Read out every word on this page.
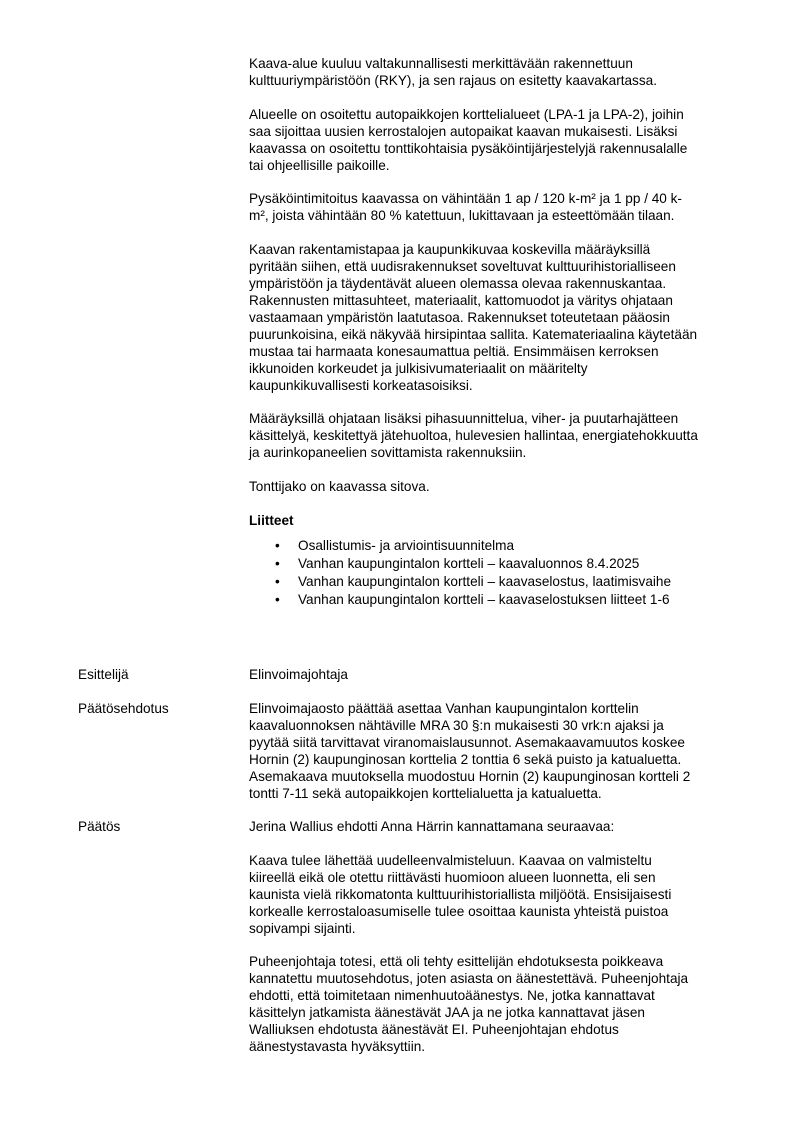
Kaava-alue kuuluu valtakunnallisesti merkittävään rakennettuun
kulttuuriympäristöön (RKY), ja sen rajaus on esitetty kaavakartassa.

Alueelle on osoitettu autopaikkojen korttelialueet (LPA-1 ja LPA-2), joihin
saa sijoittaa uusien kerrostalojen autopaikat kaavan mukaisesti. Lisäksi
kaavassa on osoitettu tonttikohtaisia pysäköintijärjestelyjä rakennusalalle
tai ohjeellisille paikoille.

Pysäköintimitoitus kaavassa on vähintään 1 ap / 120 k-m² ja 1 pp / 40 k-
m², joista vähintään 80 % katettuun, lukittavaan ja esteettömään tilaan.

Kaavan rakentamistapaa ja kaupunkikuvaa koskevilla määräyksillä
pyritään siihen, että uudisrakennukset soveltuvat kulttuurihistorialliseen
ympäristöön ja täydentävät alueen olemassa olevaa rakennuskantaa.
Rakennusten mittasuhteet, materiaalit, kattomuodot ja väritys ohjataan
vastaamaan ympäristön laatutasoa. Rakennukset toteutetaan pääosin
puurunkoisina, eikä näkyvää hirsipintaa sallita. Katemateriaalina käytetään
mustaa tai harmaata konesaumattua peltiä. Ensimmäisen kerroksen
ikkunoiden korkeudet ja julkisivumateriaalit on määritelty
kaupunkikuvallisesti korkeatasoisiksi.

Määräyksillä ohjataan lisäksi pihasuunnittelua, viher- ja puutarhajätteen
käsittelyä, keskitettyä jätehuoltoa, hulevesien hallintaa, energiatehokkuutta
ja aurinkopaneelien sovittamista rakennuksiin.

Tonttijako on kaavassa sitova.

Liitteet
• Osallistumis- ja arviointisuunnitelma
• Vanhan kaupungintalon kortteli – kaavaluonnos 8.4.2025
• Vanhan kaupungintalon kortteli – kaavaselostus, laatimisvaihe
• Vanhan kaupungintalon kortteli – kaavaselostuksen liitteet 1-6
Esittelijä	Elinvoimajohtaja
Päätösehdotus	Elinvoimajaosto päättää asettaa Vanhan kaupungintalon korttelin
kaavaluonnoksen nähtäville MRA 30 §:n mukaisesti 30 vrk:n ajaksi ja
pyytää siitä tarvittavat viranomaislausunnot. Asemakaavamuutos koskee
Hornin (2) kaupunginosan korttelia 2 tonttia 6 sekä puisto ja katualuetta.
Asemakaava muutoksella muodostuu Hornin (2) kaupunginosan kortteli 2
tontti 7-11 sekä autopaikkojen korttelialuetta ja katualuetta.

Päätös	Jerina Wallius ehdotti Anna Härrin kannattamana seuraavaa:

Kaava tulee lähettää uudelleenvalmisteluun. Kaavaa on valmisteltu
kiireellä eikä ole otettu riittävästi huomioon alueen luonnetta, eli sen
kaunista vielä rikkomatonta kulttuurihistoriallista miljöötä. Ensisijaisesti
korkealle kerrostaloasumiselle tulee osoittaa kaunista yhteistä puistoa
sopivampi sijainti.

Puheenjohtaja totesi, että oli tehty esittelijän ehdotuksesta poikkeava
kannatettu muutosehdotus, joten asiasta on äänestettävä. Puheenjohtaja
ehdotti, että toimitetaan nimenhuutoäänestys. Ne, jotka kannattavat
käsittelyn jatkamista äänestävät JAA ja ne jotka kannattavat jäsen
Walliuksen ehdotusta äänestävät EI. Puheenjohtajan ehdotus
äänestystavasta hyväksyttiin.
